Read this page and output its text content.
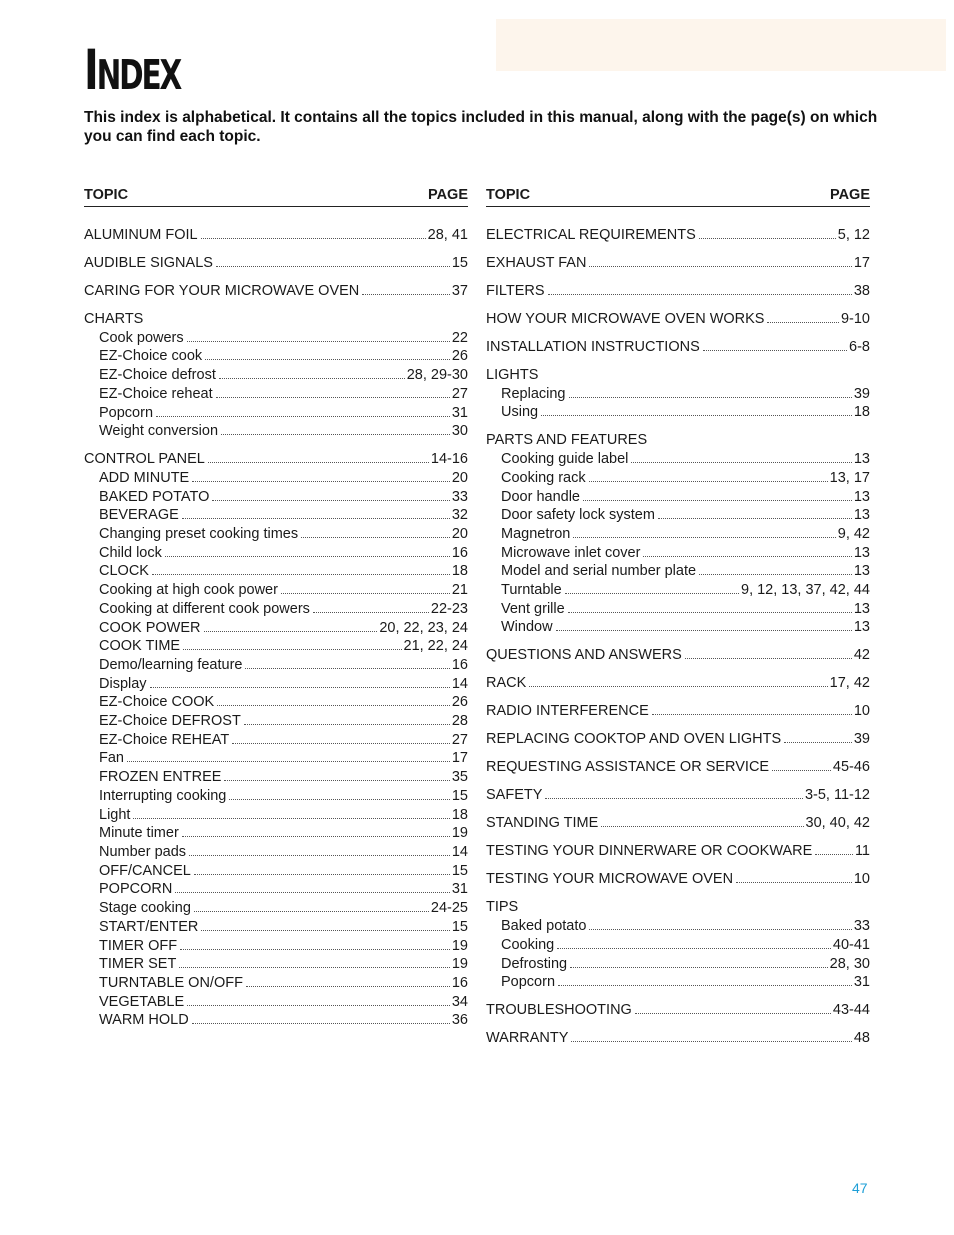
INDEX

This index is alphabetical. It contains all the topics included in this manual, along with the page(s) on which you can find each topic.

TOPIC	PAGE
ALUMINUM FOIL	28, 41
AUDIBLE SIGNALS	15
CARING FOR YOUR MICROWAVE OVEN	37
CHARTS
Cook powers	22
EZ-Choice cook	26
EZ-Choice defrost	28, 29-30
EZ-Choice reheat	27
Popcorn	31
Weight conversion	30
CONTROL PANEL	14-16
ADD MINUTE	20
BAKED POTATO	33
BEVERAGE	32
Changing preset cooking times	20
Child lock	16
CLOCK	18
Cooking at high cook power	21
Cooking at different cook powers	22-23
COOK POWER	20, 22, 23, 24
COOK TIME	21, 22, 24
Demo/learning feature	16
Display	14
EZ-Choice COOK	26
EZ-Choice DEFROST	28
EZ-Choice REHEAT	27
Fan	17
FROZEN ENTREE	35
Interrupting cooking	15
Light	18
Minute timer	19
Number pads	14
OFF/CANCEL	15
POPCORN	31
Stage cooking	24-25
START/ENTER	15
TIMER OFF	19
TIMER SET	19
TURNTABLE ON/OFF	16
VEGETABLE	34
WARM HOLD	36
TOPIC	PAGE
ELECTRICAL REQUIREMENTS	5, 12
EXHAUST FAN	17
FILTERS	38
HOW YOUR MICROWAVE OVEN WORKS	9-10
INSTALLATION INSTRUCTIONS	6-8
LIGHTS
Replacing	39
Using	18
PARTS AND FEATURES
Cooking guide label	13
Cooking rack	13, 17
Door handle	13
Door safety lock system	13
Magnetron	9, 42
Microwave inlet cover	13
Model and serial number plate	13
Turntable	9, 12, 13, 37, 42, 44
Vent grille	13
Window	13
QUESTIONS AND ANSWERS	42
RACK	17, 42
RADIO INTERFERENCE	10
REPLACING COOKTOP AND OVEN LIGHTS	39
REQUESTING ASSISTANCE OR SERVICE	45-46
SAFETY	3-5, 11-12
STANDING TIME	30, 40, 42
TESTING YOUR DINNERWARE OR COOKWARE	11
TESTING YOUR MICROWAVE OVEN	10
TIPS
Baked potato	33
Cooking	40-41
Defrosting	28, 30
Popcorn	31
TROUBLESHOOTING	43-44
WARRANTY	48
47
